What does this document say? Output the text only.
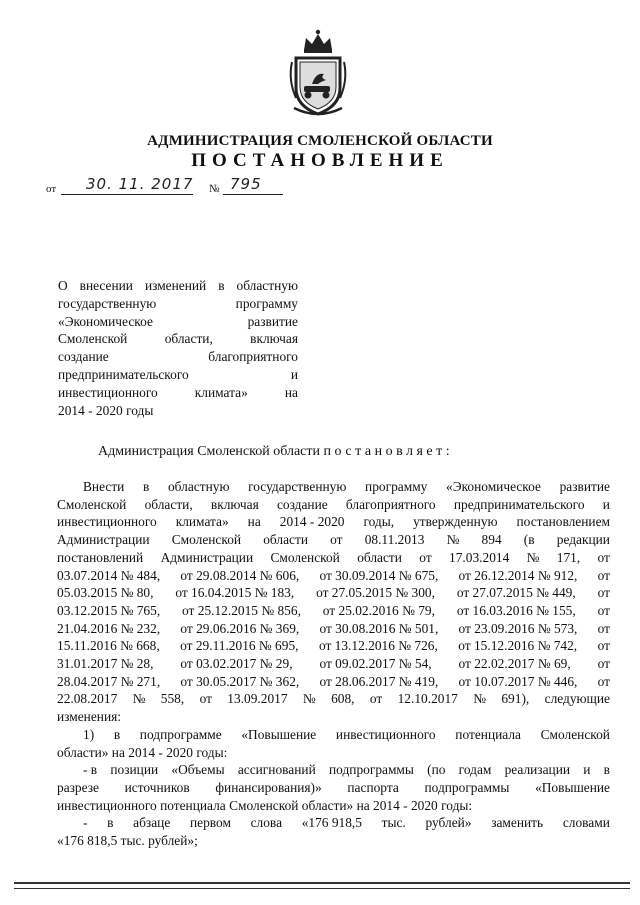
АДМИНИСТРАЦИЯ СМОЛЕНСКОЙ ОБЛАСТИ
ПОСТАНОВЛЕНИЕ
от 30. 11. 2017 № 795
О внесении изменений в областную
государственную	программу
«Экономическое	развитие
Смоленской	области,	включая
создание	благоприятного
предпринимательского	и
инвестиционного	климата»	на
2014 - 2020 годы
Администрация Смоленской области постановляет:
Внести в областную государственную программу «Экономическое развитие
Смоленской области, включая создание благоприятного предпринимательского и
инвестиционного климата» на 2014 - 2020 годы, утвержденную постановлением
Администрации Смоленской области от 08.11.2013 № 894 (в редакции
постановлений Администрации Смоленской области от 17.03.2014 № 171, от
03.07.2014 № 484, от 29.08.2014 № 606, от 30.09.2014 № 675, от 26.12.2014 № 912, от
05.03.2015 № 80, от 16.04.2015 № 183, от 27.05.2015 № 300, от 27.07.2015 № 449, от
03.12.2015 № 765, от 25.12.2015 № 856, от 25.02.2016 № 79, от 16.03.2016 № 155, от
21.04.2016 № 232, от 29.06.2016 № 369, от 30.08.2016 № 501, от 23.09.2016 № 573, от
15.11.2016 № 668, от 29.11.2016 № 695, от 13.12.2016 № 726, от 15.12.2016 № 742, от
31.01.2017 № 28, от 03.02.2017 № 29, от 09.02.2017 № 54, от 22.02.2017 № 69, от
28.04.2017 № 271, от 30.05.2017 № 362, от 28.06.2017 № 419, от 10.07.2017 № 446, от
22.08.2017 № 558, от 13.09.2017 № 608, от 12.10.2017 № 691), следующие
изменения:
1) в подпрограмме «Повышение инвестиционного потенциала Смоленской
области» на 2014 - 2020 годы:
- в позиции «Объемы ассигнований подпрограммы (по годам реализации и в
разрезе источников финансирования)» паспорта подпрограммы «Повышение
инвестиционного потенциала Смоленской области» на 2014 - 2020 годы:
- в абзаце первом слова «176 918,5 тыс. рублей» заменить словами
«176 818,5 тыс. рублей»;
